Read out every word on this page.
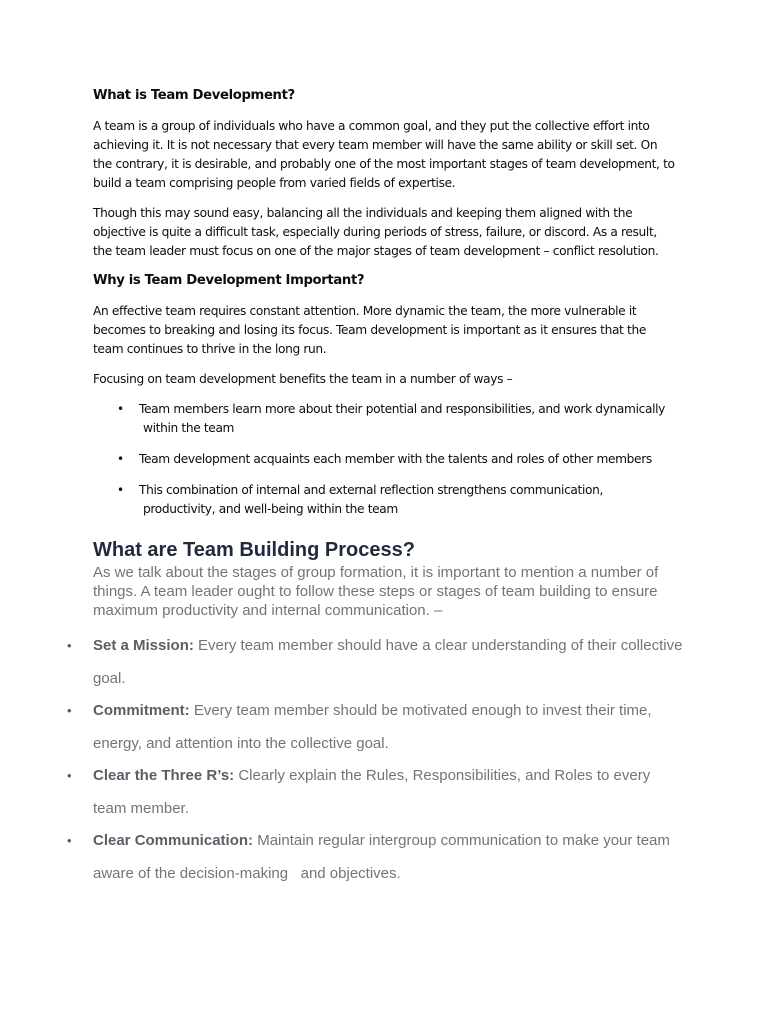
What is Team Development?

A team is a group of individuals who have a common goal, and they put the collective effort into achieving it. It is not necessary that every team member will have the same ability or skill set. On the contrary, it is desirable, and probably one of the most important stages of team development, to build a team comprising people from varied fields of expertise.

Though this may sound easy, balancing all the individuals and keeping them aligned with the objective is quite a difficult task, especially during periods of stress, failure, or discord. As a result, the team leader must focus on one of the major stages of team development – conflict resolution.

Why is Team Development Important?

An effective team requires constant attention. More dynamic the team, the more vulnerable it becomes to breaking and losing its focus. Team development is important as it ensures that the team continues to thrive in the long run.

Focusing on team development benefits the team in a number of ways –

• Team members learn more about their potential and responsibilities, and work dynamically
within the team
• Team development acquaints each member with the talents and roles of other members
• This combination of internal and external reflection strengthens communication,
productivity, and well-being within the team
What are Team Building Process?

As we talk about the stages of group formation, it is important to mention a number of things. A team leader ought to follow these steps or stages of team building to ensure maximum productivity and internal communication. –

• Set a Mission: Every team member should have a clear understanding of their collective goal.
• Commitment: Every team member should be motivated enough to invest their time, energy, and attention into the collective goal.
• Clear the Three R’s: Clearly explain the Rules, Responsibilities, and Roles to every team member.
• Clear Communication: Maintain regular intergroup communication to make your team aware of the decision-making   and objectives.
